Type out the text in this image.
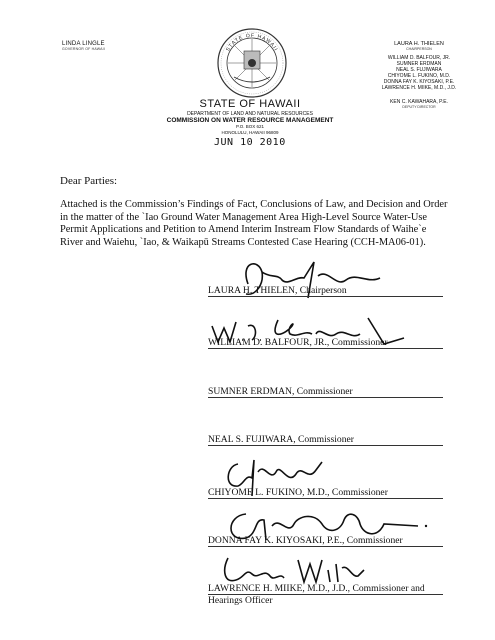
LINDA LINGLE
GOVERNOR OF HAWAII	STATE OF HAWAII
LAURA H. THIELEN
CHAIRPERSON
WILLIAM D. BALFOUR, JR.
SUMNER ERDMAN
NEAL S. FUJIWARA
CHIYOME L. FUKINO, M.D.
DONNA FAY K. KIYOSAKI, P.E.
LAWRENCE H. MIIKE, M.D., J.D.
KEN C. KAWAHARA, P.E.
DEPUTY DIRECTOR
STATE OF HAWAII
DEPARTMENT OF LAND AND NATURAL RESOURCES
COMMISSION ON WATER RESOURCE MANAGEMENT
P.O. BOX 621
HONOLULU, HAWAII 96809
JUN 10 2010
Dear Parties:
Attached is the Commission’s Findings of Fact, Conclusions of Law, and Decision and Order in the matter of the `Iao Ground Water Management Area High-Level Source Water-Use Permit Applications and Petition to Amend Interim Instream Flow Standards of Waihe`e River and Waiehu, `Iao, & Waikapū Streams Contested Case Hearing (CCH-MA06-01).
LAURA H. THIELEN, Chairperson
WILLIAM D. BALFOUR, JR., Commissioner
SUMNER ERDMAN, Commissioner
NEAL S. FUJIWARA, Commissioner
CHIYOME L. FUKINO, M.D., Commissioner
DONNA FAY K. KIYOSAKI, P.E., Commissioner
LAWRENCE H. MIIKE, M.D., J.D., Commissioner and
Hearings Officer
